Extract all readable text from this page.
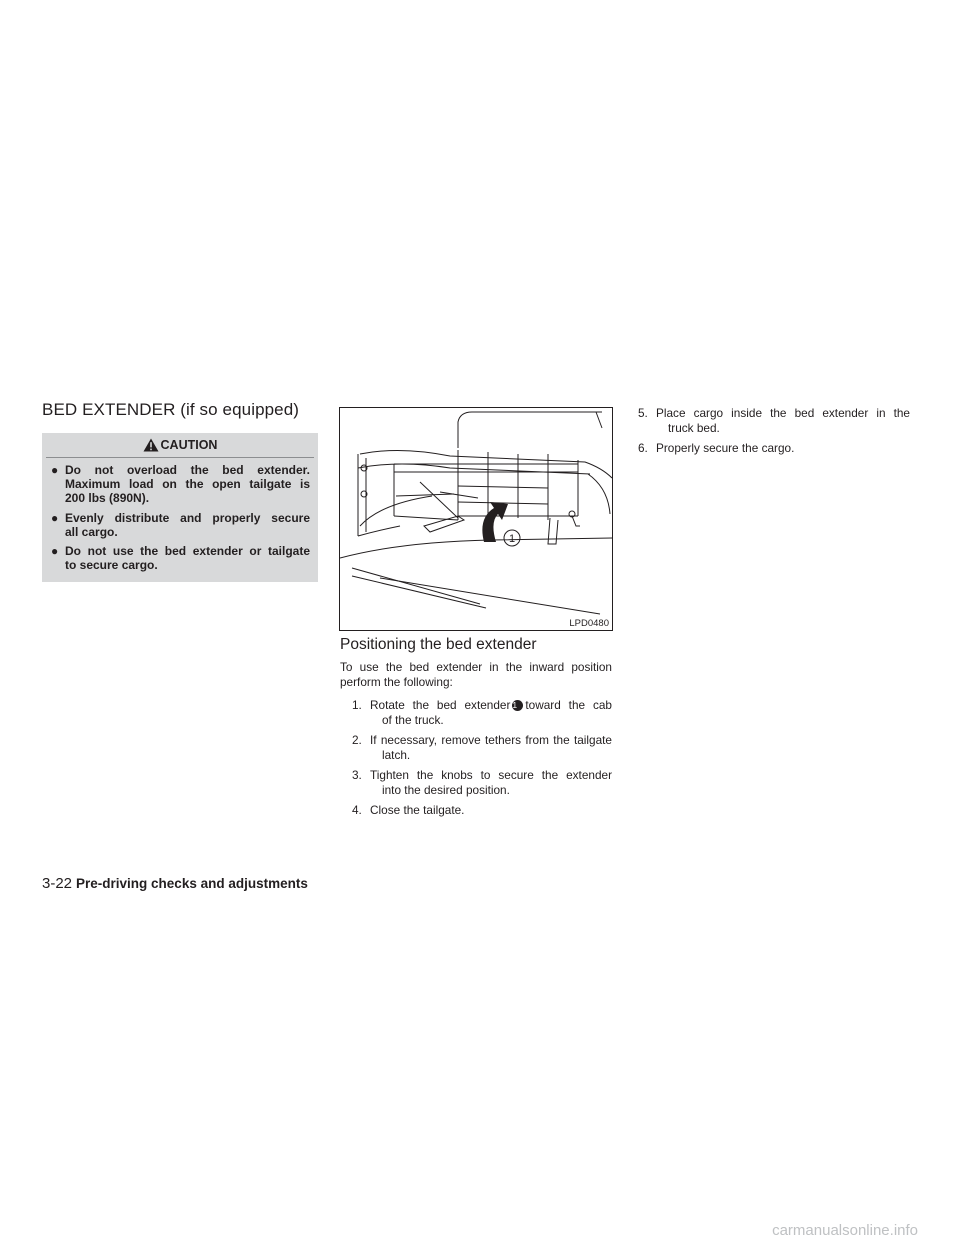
BED EXTENDER (if so equipped)
CAUTION
● Do not overload the bed extender.
Maximum load on the open tailgate is
200 lbs (890N).
● Evenly distribute and properly secure
all cargo.
● Do not use the bed extender or tailgate
to secure cargo.
1
LPD0480
Positioning the bed extender
To use the bed extender in the inward position
perform the following:
1. Rotate the bed extender 1 toward the cab
of the truck.
2. If necessary, remove tethers from the tailgate
latch.
3. Tighten the knobs to secure the extender
into the desired position.
4. Close the tailgate.
5. Place cargo inside the bed extender in the
truck bed.
6. Properly secure the cargo.
3-22 Pre-driving checks and adjustments
carmanualsonline.info
